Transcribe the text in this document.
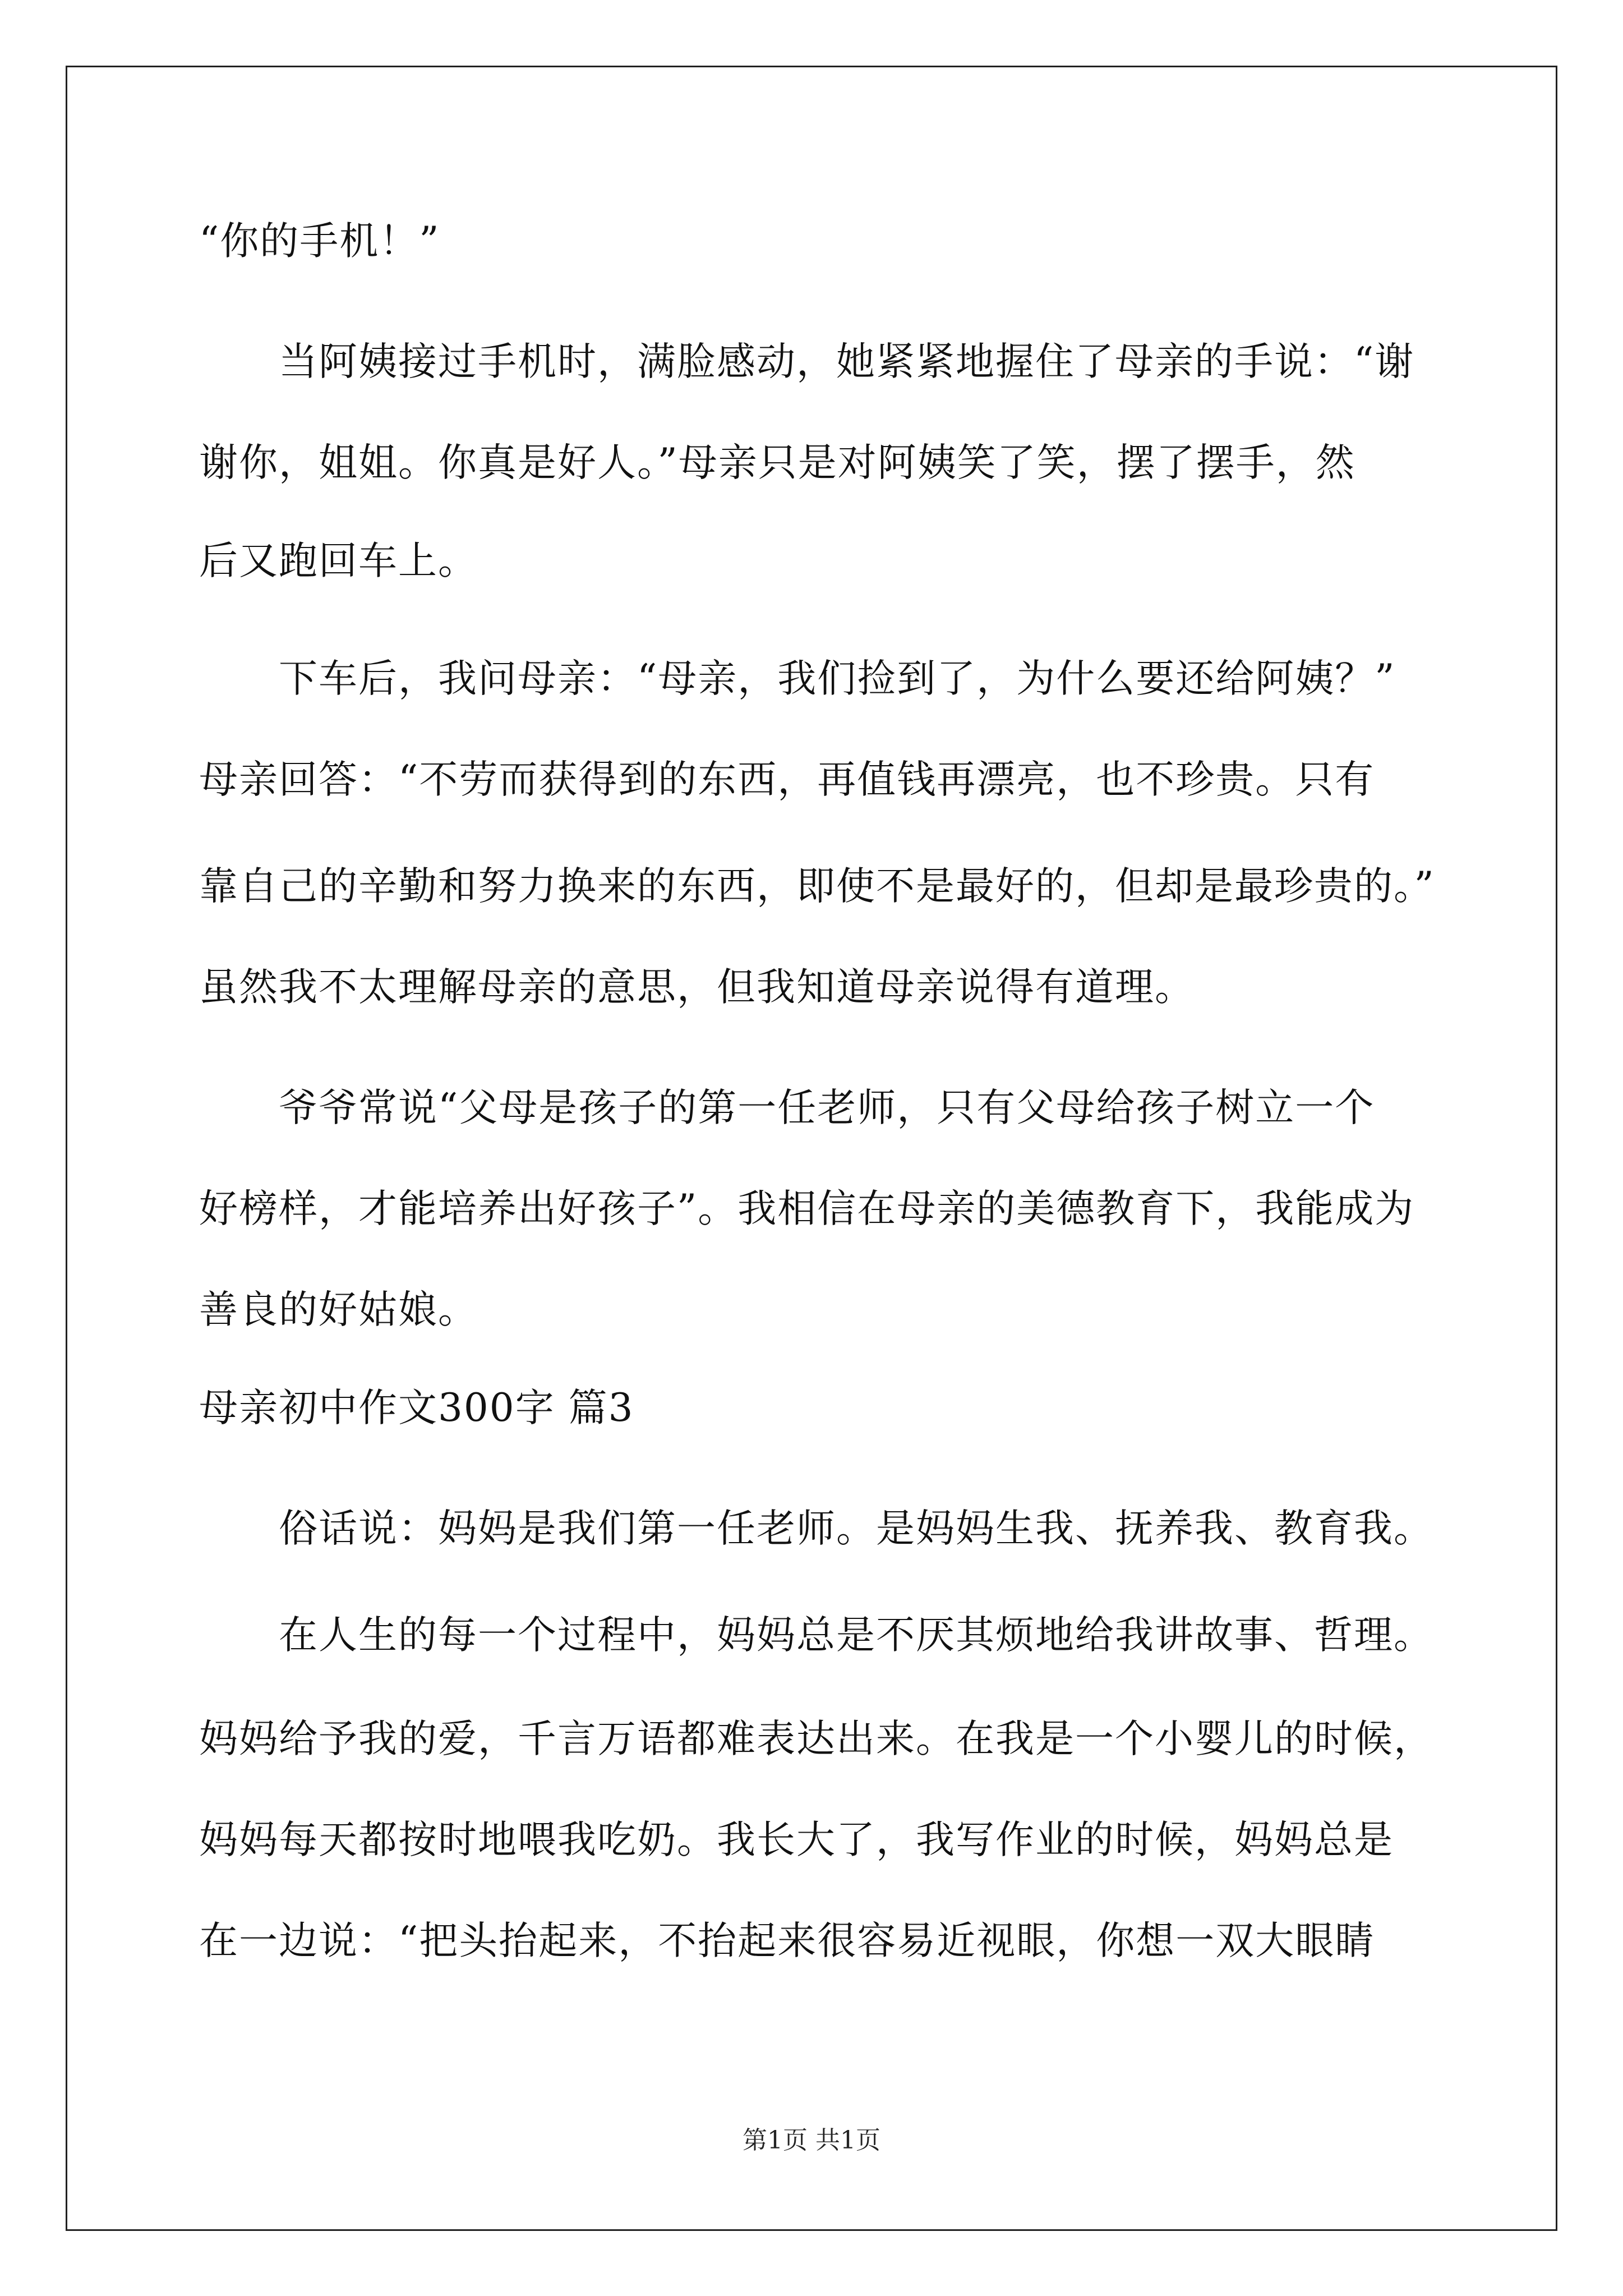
“你的手机！”
当阿姨接过手机时，满脸感动，她紧紧地握住了母亲的手说：“谢
谢你，姐姐。你真是好人。”母亲只是对阿姨笑了笑，摆了摆手，然
后又跑回车上。
下车后，我问母亲：“母亲，我们捡到了，为什么要还给阿姨？”
母亲回答：“不劳而获得到的东西，再值钱再漂亮，也不珍贵。只有
靠自己的辛勤和努力换来的东西，即使不是最好的，但却是最珍贵的。”
虽然我不太理解母亲的意思，但我知道母亲说得有道理。
爷爷常说“父母是孩子的第一任老师，只有父母给孩子树立一个
好榜样，才能培养出好孩子”。我相信在母亲的美德教育下，我能成为
善良的好姑娘。
母亲初中作文300字 篇3
俗话说：妈妈是我们第一任老师。是妈妈生我、抚养我、教育我。
在人生的每一个过程中，妈妈总是不厌其烦地给我讲故事、哲理。
妈妈给予我的爱，千言万语都难表达出来。在我是一个小婴儿的时候，
妈妈每天都按时地喂我吃奶。我长大了，我写作业的时候，妈妈总是
在一边说：“把头抬起来，不抬起来很容易近视眼，你想一双大眼睛
第1页 共1页
